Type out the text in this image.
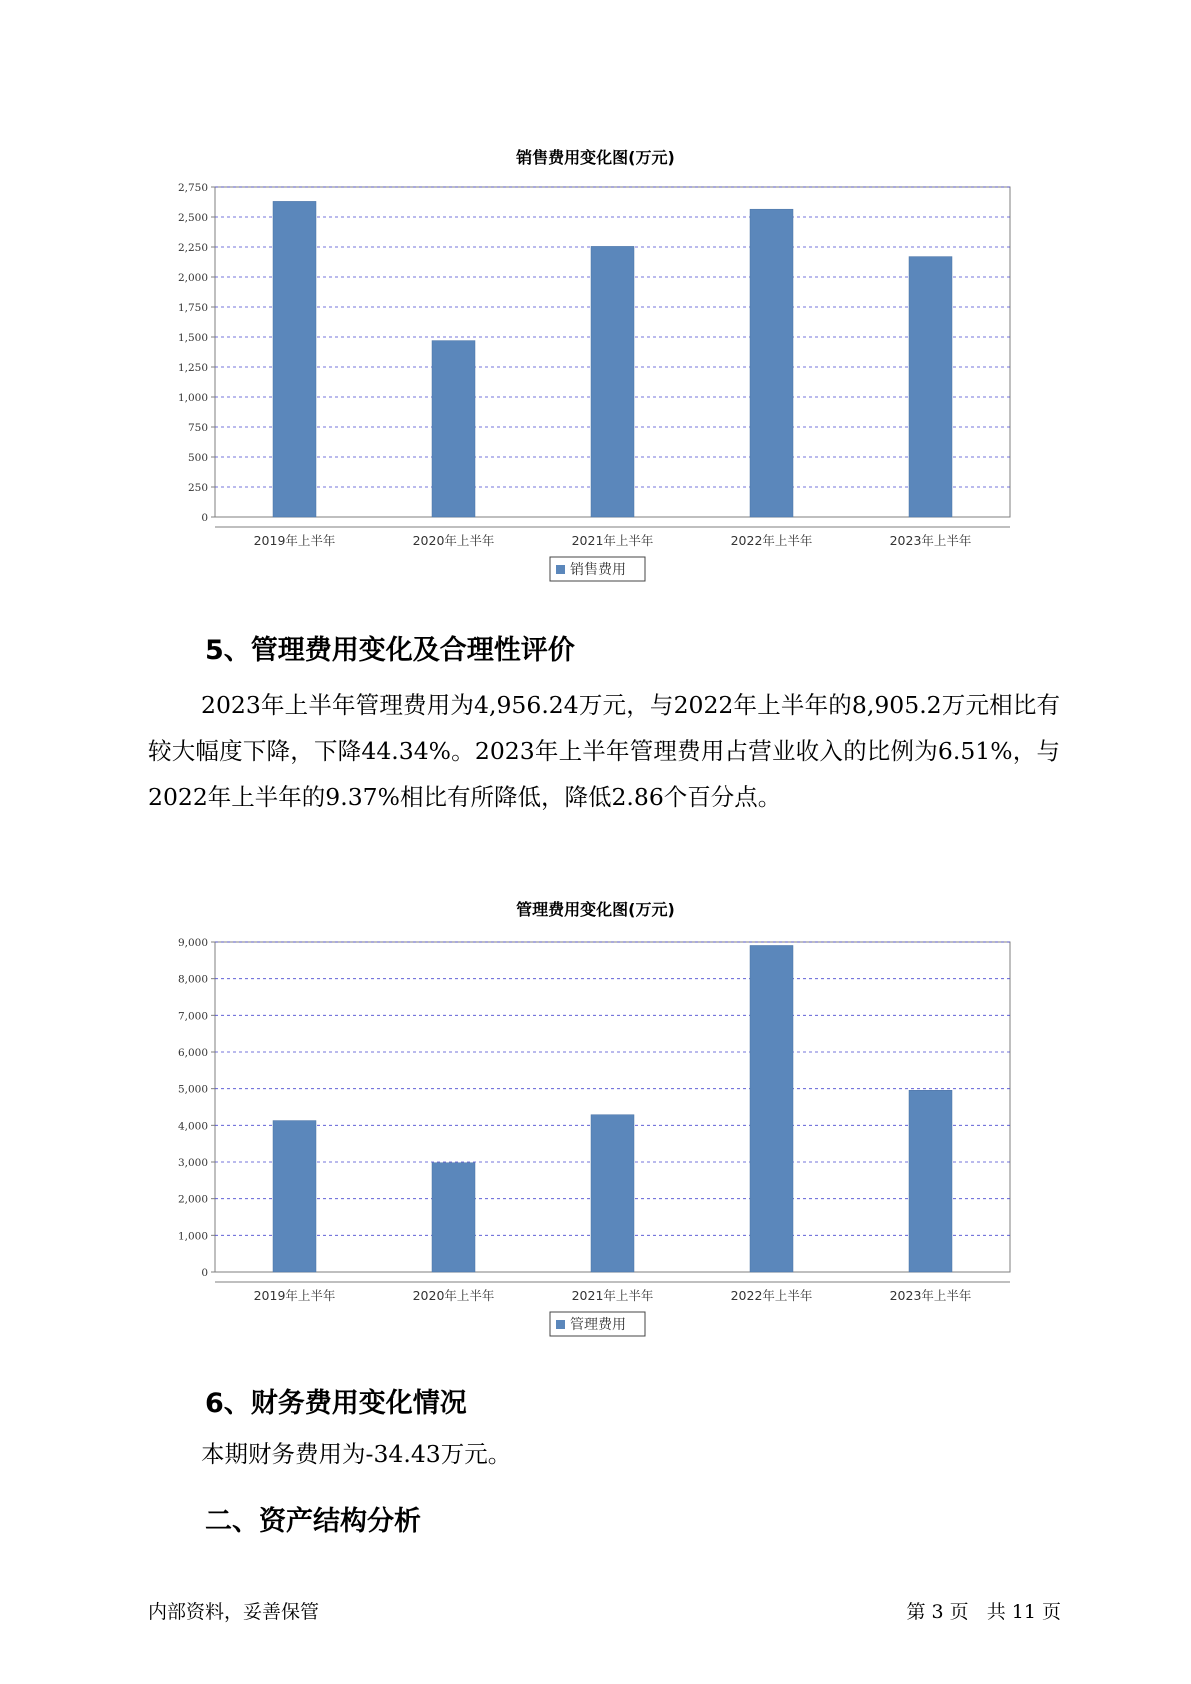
销售费用变化图(万元)
0
250
500
750
1,000
1,250
1,500
1,750
2,000
2,250
2,500
2,750
2019年上半年	2020年上半年	2021年上半年	2022年上半年	2023年上半年
销售费用
5、管理费用变化及合理性评价

2023年上半年管理费用为4,956.24万元，与2022年上半年的8,905.2万元相比有较大幅度下降，下降44.34%。2023年上半年管理费用占营业收入的比例为6.51%，与2022年上半年的9.37%相比有所降低，降低2.86个百分点。

管理费用变化图(万元)
0
1,000
2,000
3,000
4,000
5,000
6,000
7,000
8,000
9,000
2019年上半年	2020年上半年	2021年上半年	2022年上半年	2023年上半年
管理费用
6、财务费用变化情况

本期财务费用为-34.43万元。

二、资产结构分析
内部资料，妥善保管	第 3 页   共 11 页
